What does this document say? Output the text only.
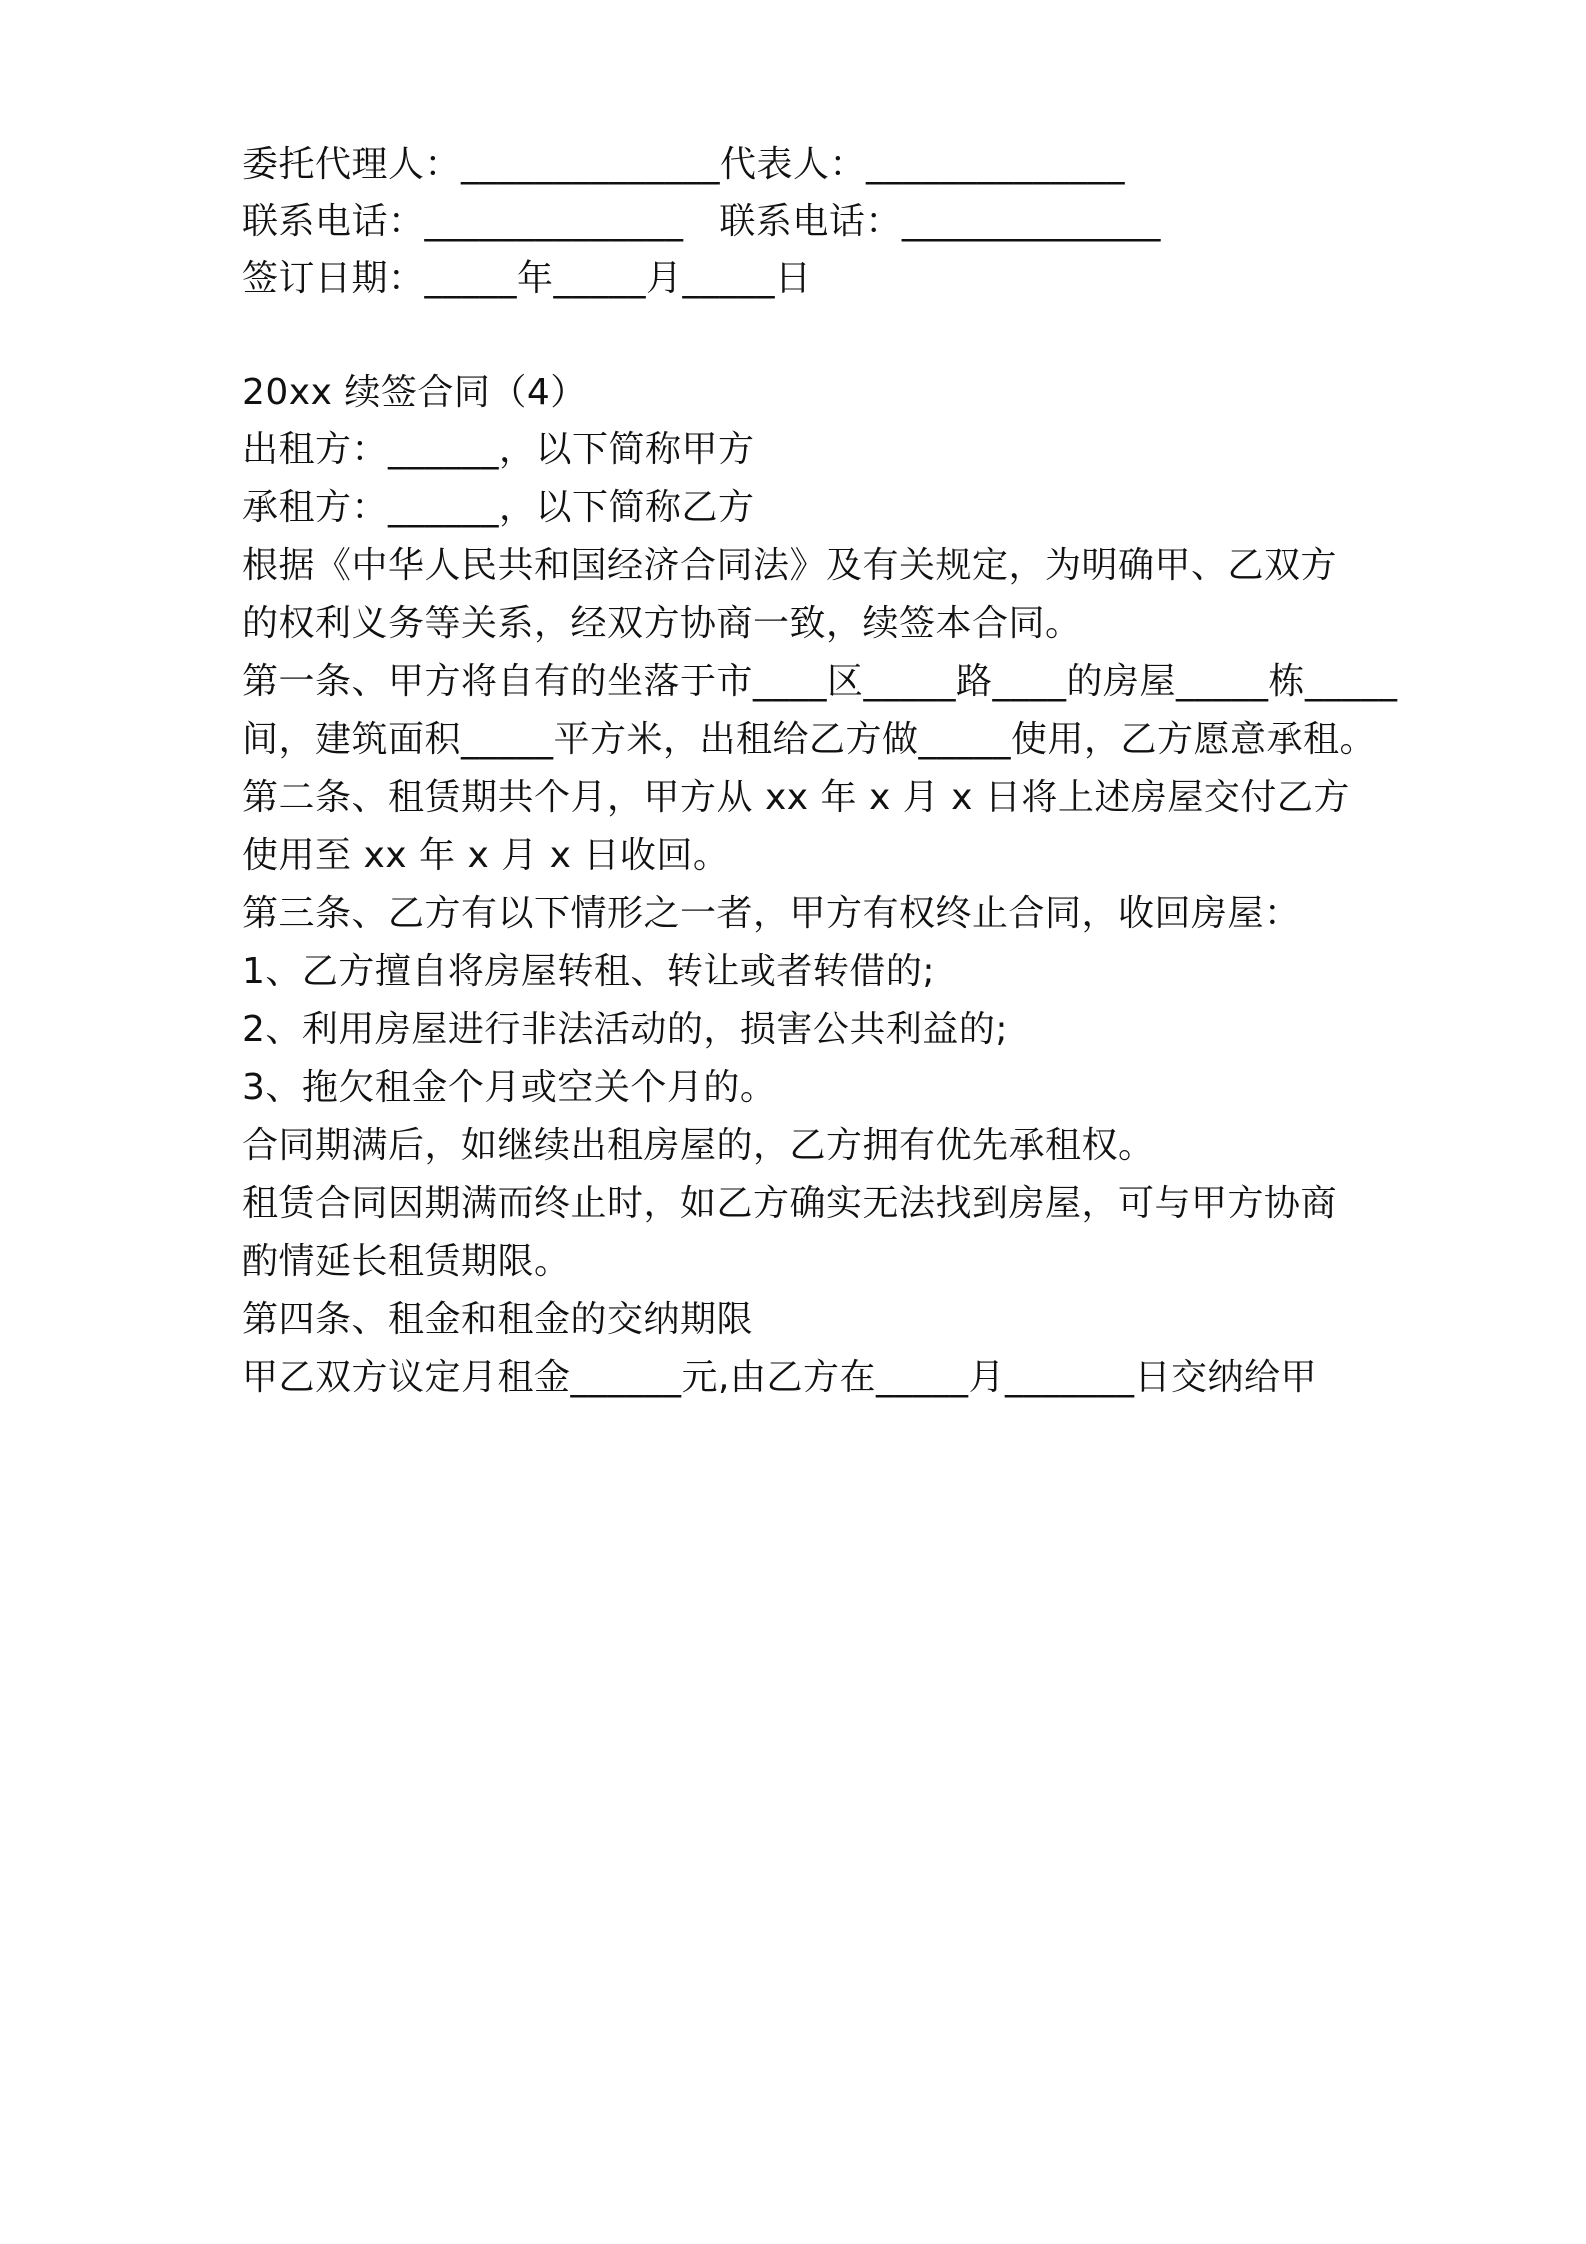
委托代理人：______________代表人：______________

联系电话：______________   联系电话：______________

签订日期：_____年_____月_____日

20xx 续签合同（4）

出租方：______，以下简称甲方

承租方：______，以下简称乙方

根据《中华人民共和国经济合同法》及有关规定，为明确甲、乙双方

的权利义务等关系，经双方协商一致，续签本合同。

第一条、甲方将自有的坐落于市____区_____路____的房屋_____栋_____

间，建筑面积_____平方米，出租给乙方做_____使用，乙方愿意承租。

第二条、租赁期共个月，甲方从 xx 年 x 月 x 日将上述房屋交付乙方

使用至 xx 年 x 月 x 日收回。

第三条、乙方有以下情形之一者，甲方有权终止合同，收回房屋：

1、乙方擅自将房屋转租、转让或者转借的;

2、利用房屋进行非法活动的，损害公共利益的;

3、拖欠租金个月或空关个月的。

合同期满后，如继续出租房屋的，乙方拥有优先承租权。

租赁合同因期满而终止时，如乙方确实无法找到房屋，可与甲方协商

酌情延长租赁期限。

第四条、租金和租金的交纳期限

甲乙双方议定月租金______元,由乙方在_____月_______日交纳给甲
